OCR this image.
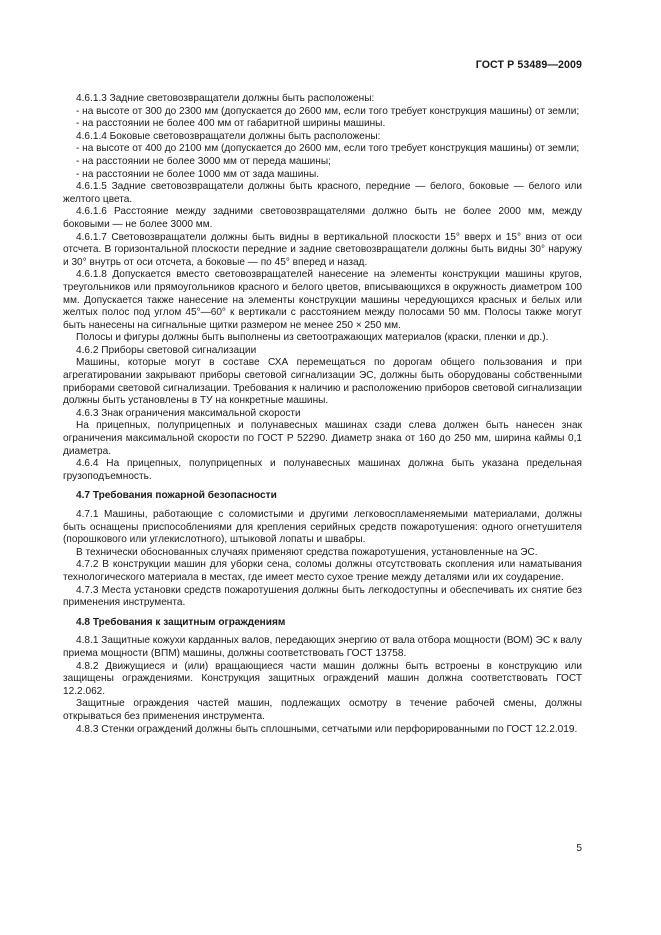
ГОСТ Р 53489—2009

4.6.1.3 Задние световозвращатели должны быть расположены:

- на высоте от 300 до 2300 мм (допускается до 2600 мм, если того требует конструкция машины) от земли;

- на расстоянии не более 400 мм от габаритной ширины машины.

4.6.1.4 Боковые световозвращатели должны быть расположены:

- на высоте от 400 до 2100 мм (допускается до 2600 мм, если того требует конструкция машины) от земли;

- на расстоянии не более 3000 мм от переда машины;

- на расстоянии не более 1000 мм от зада машины.

4.6.1.5 Задние световозвращатели должны быть красного, передние — белого, боковые — белого или желтого цвета.

4.6.1.6 Расстояние между задними световозвращателями должно быть не более 2000 мм, между боковыми — не более 3000 мм.

4.6.1.7 Световозвращатели должны быть видны в вертикальной плоскости 15° вверх и 15° вниз от оси отсчета. В горизонтальной плоскости передние и задние световозвращатели должны быть видны 30° наружу и 30° внутрь от оси отсчета, а боковые — по 45° вперед и назад.

4.6.1.8 Допускается вместо световозвращателей нанесение на элементы конструкции машины кругов, треугольников или прямоугольников красного и белого цветов, вписывающихся в окружность диаметром 100 мм. Допускается также нанесение на элементы конструкции машины чередующихся красных и белых или желтых полос под углом 45°—60° к вертикали с расстоянием между полосами 50 мм. Полосы также могут быть нанесены на сигнальные щитки размером не менее 250 × 250 мм.

Полосы и фигуры должны быть выполнены из светоотражающих материалов (краски, пленки и др.).

4.6.2 Приборы световой сигнализации

Машины, которые могут в составе СХА перемещаться по дорогам общего пользования и при агрегатировании закрывают приборы световой сигнализации ЭС, должны быть оборудованы собственными приборами световой сигнализации. Требования к наличию и расположению приборов световой сигнализации должны быть установлены в ТУ на конкретные машины.

4.6.3 Знак ограничения максимальной скорости

На прицепных, полуприцепных и полунавесных машинах сзади слева должен быть нанесен знак ограничения максимальной скорости по ГОСТ Р 52290. Диаметр знака от 160 до 250 мм, ширина каймы 0,1 диаметра.

4.6.4 На прицепных, полуприцепных и полунавесных машинах должна быть указана предельная грузоподъемность.

4.7 Требования пожарной безопасности

4.7.1 Машины, работающие с соломистыми и другими легковоспламеняемыми материалами, должны быть оснащены приспособлениями для крепления серийных средств пожаротушения: одного огнетушителя (порошкового или углекислотного), штыковой лопаты и швабры.

В технически обоснованных случаях применяют средства пожаротушения, установленные на ЭС.

4.7.2 В конструкции машин для уборки сена, соломы должны отсутствовать скопления или наматывания технологического материала в местах, где имеет место сухое трение между деталями или их соударение.

4.7.3 Места установки средств пожаротушения должны быть легкодоступны и обеспечивать их снятие без применения инструмента.

4.8 Требования к защитным ограждениям

4.8.1 Защитные кожухи карданных валов, передающих энергию от вала отбора мощности (ВОМ) ЭС к валу приема мощности (ВПМ) машины, должны соответствовать ГОСТ 13758.

4.8.2 Движущиеся и (или) вращающиеся части машин должны быть встроены в конструкцию или защищены ограждениями. Конструкция защитных ограждений машин должна соответствовать ГОСТ 12.2.062.

Защитные ограждения частей машин, подлежащих осмотру в течение рабочей смены, должны открываться без применения инструмента.

4.8.3 Стенки ограждений должны быть сплошными, сетчатыми или перфорированными по ГОСТ 12.2.019.

5
